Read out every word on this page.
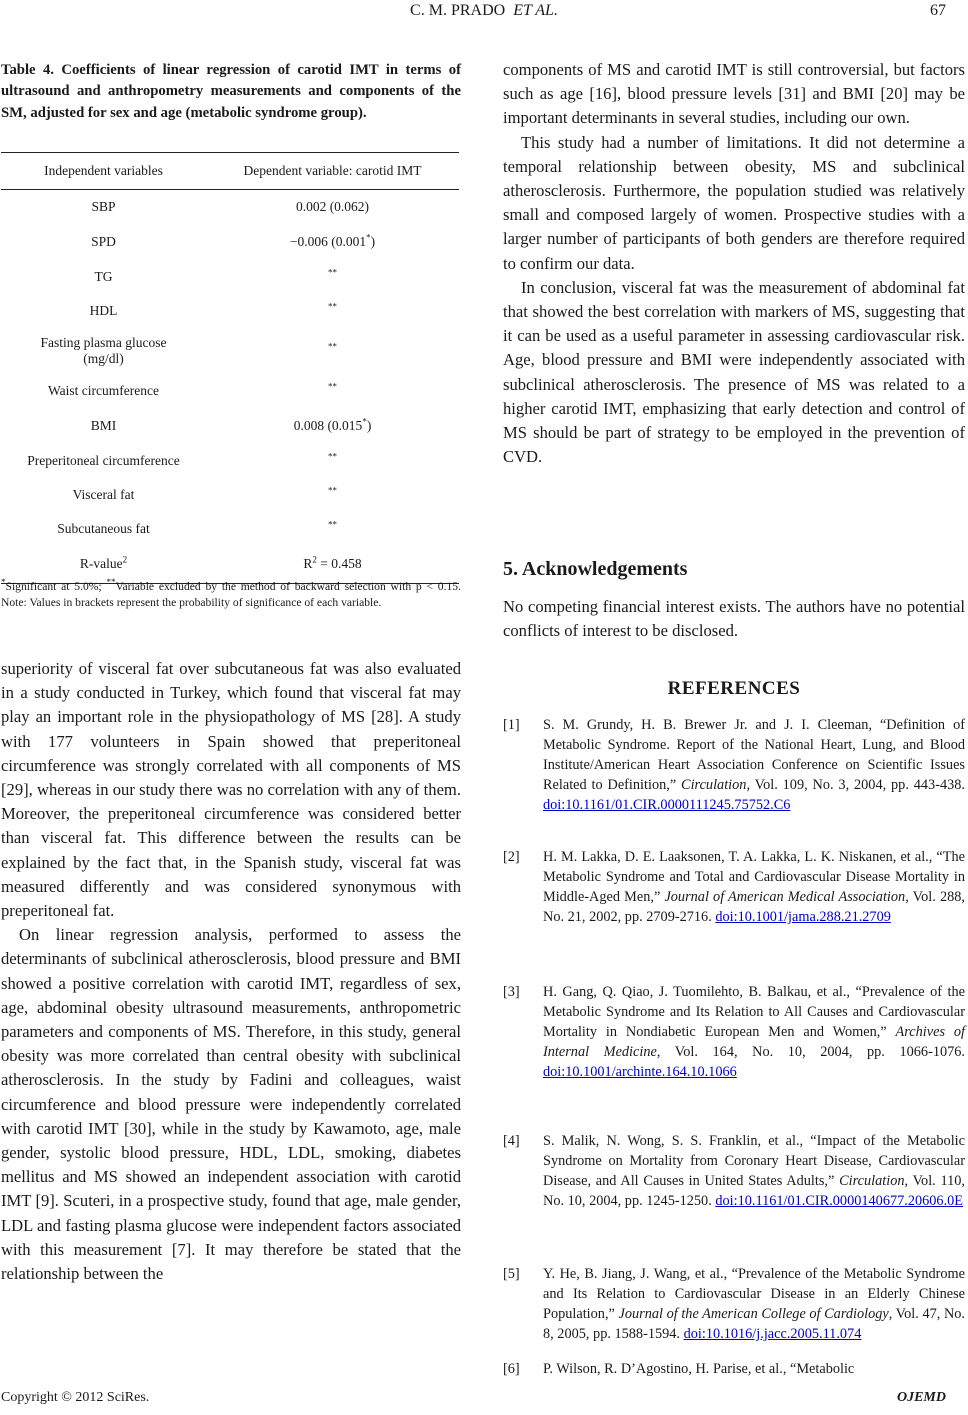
C. M. PRADO ET AL.	67

Table 4. Coefficients of linear regression of carotid IMT in terms of ultrasound and anthropometry measurements and components of the SM, adjusted for sex and age (metabolic syndrome group).

Independent variables	Dependent variable: carotid IMT
SBP	0.002 (0.062)
SPD	−0.006 (0.001*)
TG	**
HDL	**
Fasting plasma glucose (mg/dl)	**
Waist circumference	**
BMI	0.008 (0.015*)
Preperitoneal circumference	**
Visceral fat	**
Subcutaneous fat	**
R-value$^2$	$R^2 = 0.458$

*Significant at 5.0%; **Variable excluded by the method of backward selection with p < 0.15. Note: Values in brackets represent the probability of significance of each variable.

superiority of visceral fat over subcutaneous fat was also evaluated in a study conducted in Turkey, which found that visceral fat may play an important role in the physiopathology of MS [28]. A study with 177 volunteers in Spain showed that preperitoneal circumference was strongly correlated with all components of MS [29], whereas in our study there was no correlation with any of them. Moreover, the preperitoneal circumference was considered better than visceral fat. This difference between the results can be explained by the fact that, in the Spanish study, visceral fat was measured differently and was considered synonymous with preperitoneal fat.

On linear regression analysis, performed to assess the determinants of subclinical atherosclerosis, blood pressure and BMI showed a positive correlation with carotid IMT, regardless of sex, age, abdominal obesity ultrasound measurements, anthropometric parameters and components of MS. Therefore, in this study, general obesity was more correlated than central obesity with subclinical atherosclerosis. In the study by Fadini and colleagues, waist circumference and blood pressure were independently correlated with carotid IMT [30], while in the study by Kawamoto, age, male gender, systolic blood pressure, HDL, LDL, smoking, diabetes mellitus and MS showed an independent association with carotid IMT [9]. Scuteri, in a prospective study, found that age, male gender, LDL and fasting plasma glucose were independent factors associated with this measurement [7]. It may therefore be stated that the relationship between the

components of MS and carotid IMT is still controversial, but factors such as age [16], blood pressure levels [31] and BMI [20] may be important determinants in several studies, including our own.

This study had a number of limitations. It did not determine a temporal relationship between obesity, MS and subclinical atherosclerosis. Furthermore, the population studied was relatively small and composed largely of women. Prospective studies with a larger number of participants of both genders are therefore required to confirm our data.

In conclusion, visceral fat was the measurement of abdominal fat that showed the best correlation with markers of MS, suggesting that it can be used as a useful parameter in assessing cardiovascular risk. Age, blood pressure and BMI were independently associated with subclinical atherosclerosis. The presence of MS was related to a higher carotid IMT, emphasizing that early detection and control of MS should be part of strategy to be employed in the prevention of CVD.

5. Acknowledgements

No competing financial interest exists. The authors have no potential conflicts of interest to be disclosed.

REFERENCES
[1] S. M. Grundy, H. B. Brewer Jr. and J. I. Cleeman, “Definition of Metabolic Syndrome. Report of the National Heart, Lung, and Blood Institute/American Heart Association Conference on Scientific Issues Related to Definition,” Circulation, Vol. 109, No. 3, 2004, pp. 443-438. doi:10.1161/01.CIR.0000111245.75752.C6
[2] H. M. Lakka, D. E. Laaksonen, T. A. Lakka, L. K. Niskanen, et al., “The Metabolic Syndrome and Total and Cardiovascular Disease Mortality in Middle-Aged Men,” Journal of American Medical Association, Vol. 288, No. 21, 2002, pp. 2709-2716. doi:10.1001/jama.288.21.2709
[3] H. Gang, Q. Qiao, J. Tuomilehto, B. Balkau, et al., “Prevalence of the Metabolic Syndrome and Its Relation to All Causes and Cardiovascular Mortality in Nondiabetic European Men and Women,” Archives of Internal Medicine, Vol. 164, No. 10, 2004, pp. 1066-1076. doi:10.1001/archinte.164.10.1066
[4] S. Malik, N. Wong, S. S. Franklin, et al., “Impact of the Metabolic Syndrome on Mortality from Coronary Heart Disease, Cardiovascular Disease, and All Causes in United States Adults,” Circulation, Vol. 110, No. 10, 2004, pp. 1245-1250. doi:10.1161/01.CIR.0000140677.20606.0E
[5] Y. He, B. Jiang, J. Wang, et al., “Prevalence of the Metabolic Syndrome and Its Relation to Cardiovascular Disease in an Elderly Chinese Population,” Journal of the American College of Cardiology, Vol. 47, No. 8, 2005, pp. 1588-1594. doi:10.1016/j.jacc.2005.11.074
[6] P. Wilson, R. D’Agostino, H. Parise, et al., “Metabolic
Copyright © 2012 SciRes.	OJEMD
